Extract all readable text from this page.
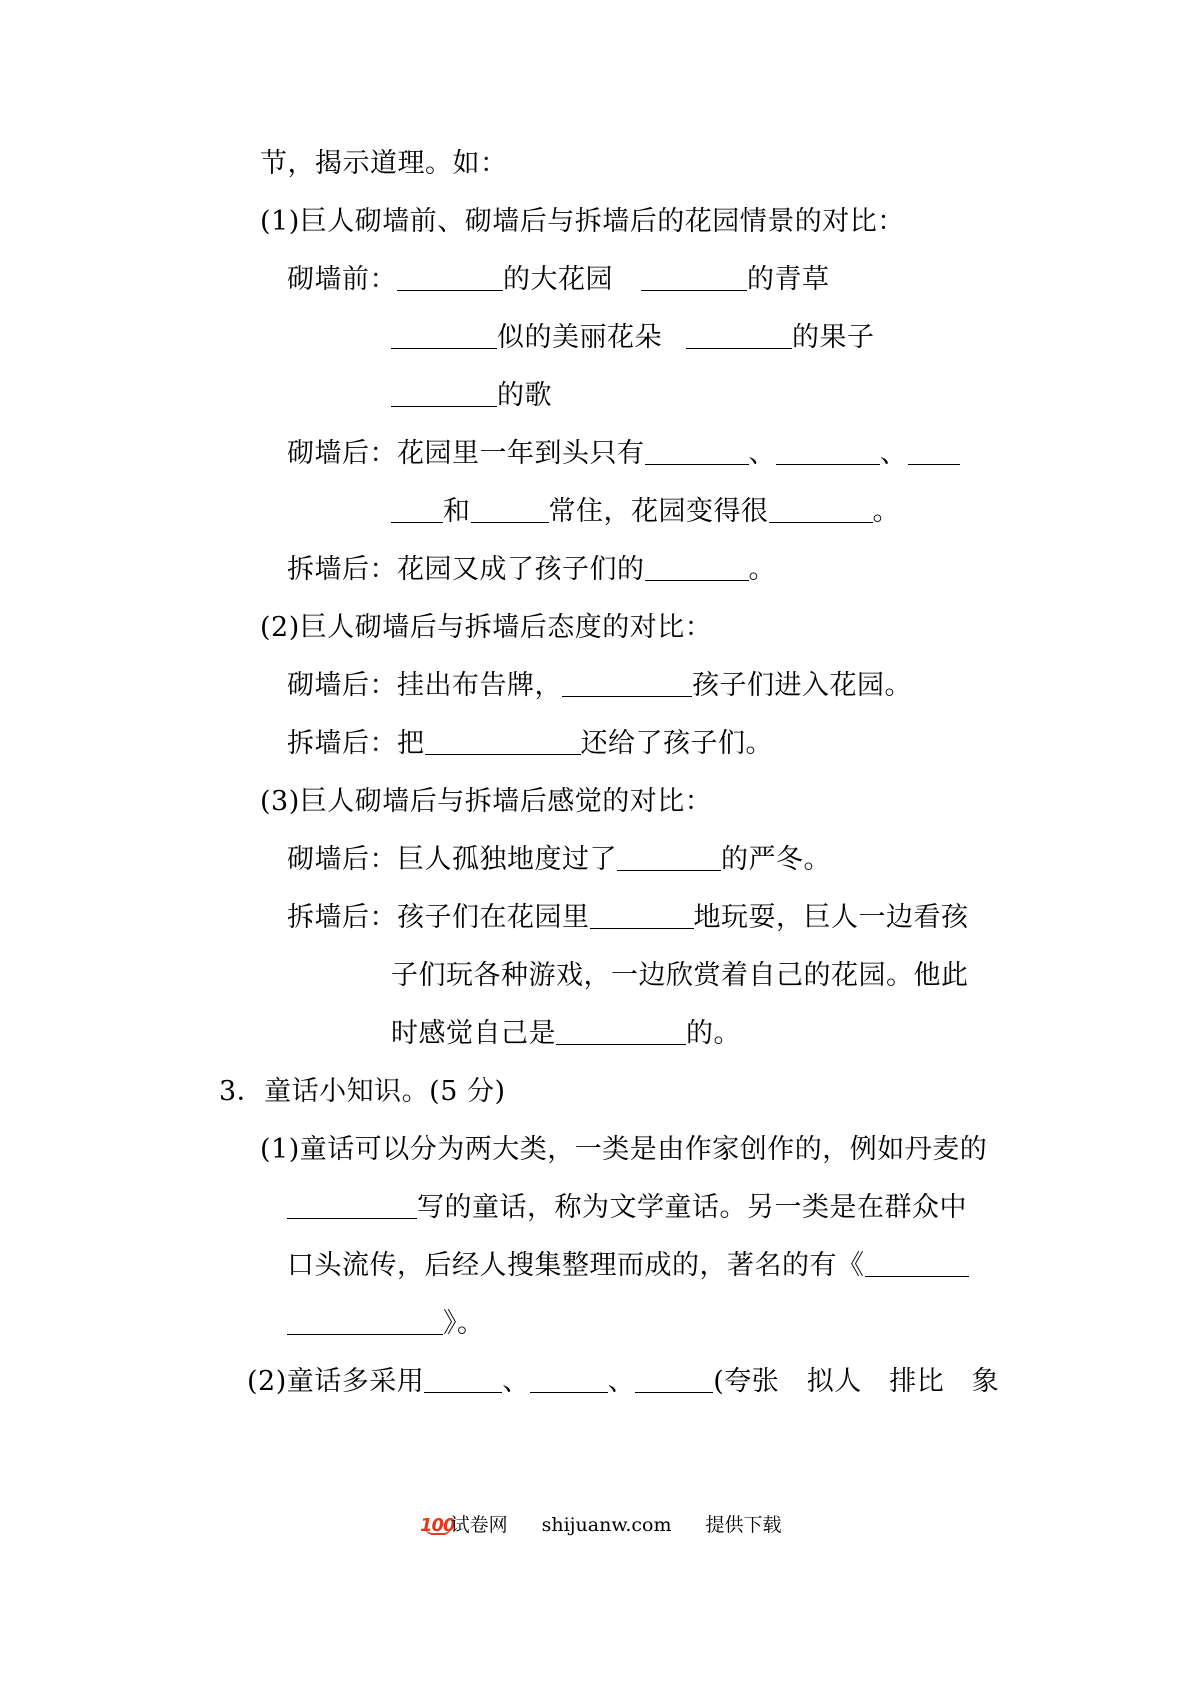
节，揭示道理。如：
(1)巨人砌墙前、砌墙后与拆墙后的花园情景的对比：
砌墙前：	的大花园	的青草
似的美丽花朵	的果子
的歌
砌墙后：花园里一年到头只有	、	、
和	常住，花园变得很	。
拆墙后：花园又成了孩子们的	。
(2)巨人砌墙后与拆墙后态度的对比：
砌墙后：挂出布告牌，	孩子们进入花园。
拆墙后：把	还给了孩子们。
(3)巨人砌墙后与拆墙后感觉的对比：
砌墙后：巨人孤独地度过了	的严冬。
拆墙后：孩子们在花园里	地玩耍，巨人一边看孩
子们玩各种游戏，一边欣赏着自己的花园。他此
时感觉自己是	的。
3．童话小知识。(5 分)
(1)童话可以分为两大类，一类是由作家创作的，例如丹麦的
写的童话，称为文学童话。另一类是在群众中
口头流传，后经人搜集整理而成的，著名的有《
》。
(2)童话多采用	、	、	(夸张　拟人　排比　象
100试卷网 shijuanw.com 提供下载
